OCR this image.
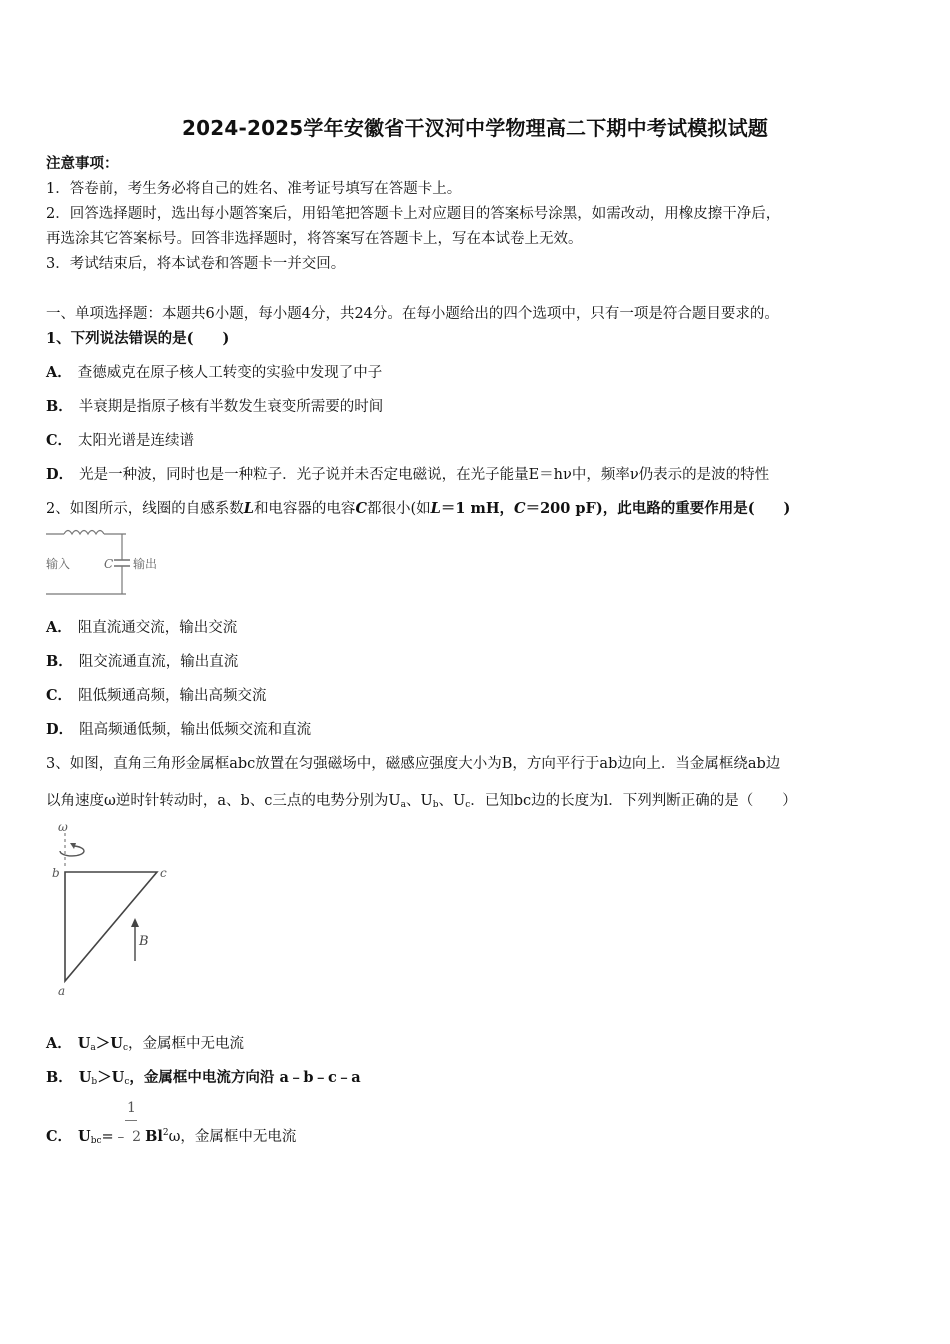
2024-2025学年安徽省干汊河中学物理高二下期中考试模拟试题
注意事项：
1．答卷前，考生务必将自己的姓名、准考证号填写在答题卡上。
2．回答选择题时，选出每小题答案后，用铅笔把答题卡上对应题目的答案标号涂黑，如需改动，用橡皮擦干净后，
再选涂其它答案标号。回答非选择题时，将答案写在答题卡上，写在本试卷上无效。
3．考试结束后，将本试卷和答题卡一并交回。
一、单项选择题：本题共6小题，每小题4分，共24分。在每小题给出的四个选项中，只有一项是符合题目要求的。
1、下列说法错误的是(　　)
A． 查德威克在原子核人工转变的实验中发现了中子
B． 半衰期是指原子核有半数发生衰变所需要的时间
C． 太阳光谱是连续谱
D． 光是一种波，同时也是一种粒子．光子说并未否定电磁说，在光子能量E＝hν中，频率ν仍表示的是波的特性
2、如图所示，线圈的自感系数L和电容器的电容C都很小(如L＝1 mH，C＝200 pF)，此电路的重要作用是(　　)
输入	C 输出
A． 阻直流通交流，输出交流
B． 阻交流通直流，输出直流
C． 阻低频通高频，输出高频交流
D． 阻高频通低频，输出低频交流和直流
3、如图，直角三角形金属框abc放置在匀强磁场中，磁感应强度大小为B，方向平行于ab边向上．当金属框绕ab边
以角速度ω逆时针转动时，a、b、c三点的电势分别为$U_a$、$U_b$、$U_c$．已知bc边的长度为l．下列判断正确的是（　　）
ω
b	c
a
B
A． $U_a>U_c$，金属框中无电流
B． $U_b>U_c$，金属框中电流方向沿 a﹣b﹣c﹣a
1
C． $U_{bc}=﹣$ 2 Bl$^2$ω，金属框中无电流
